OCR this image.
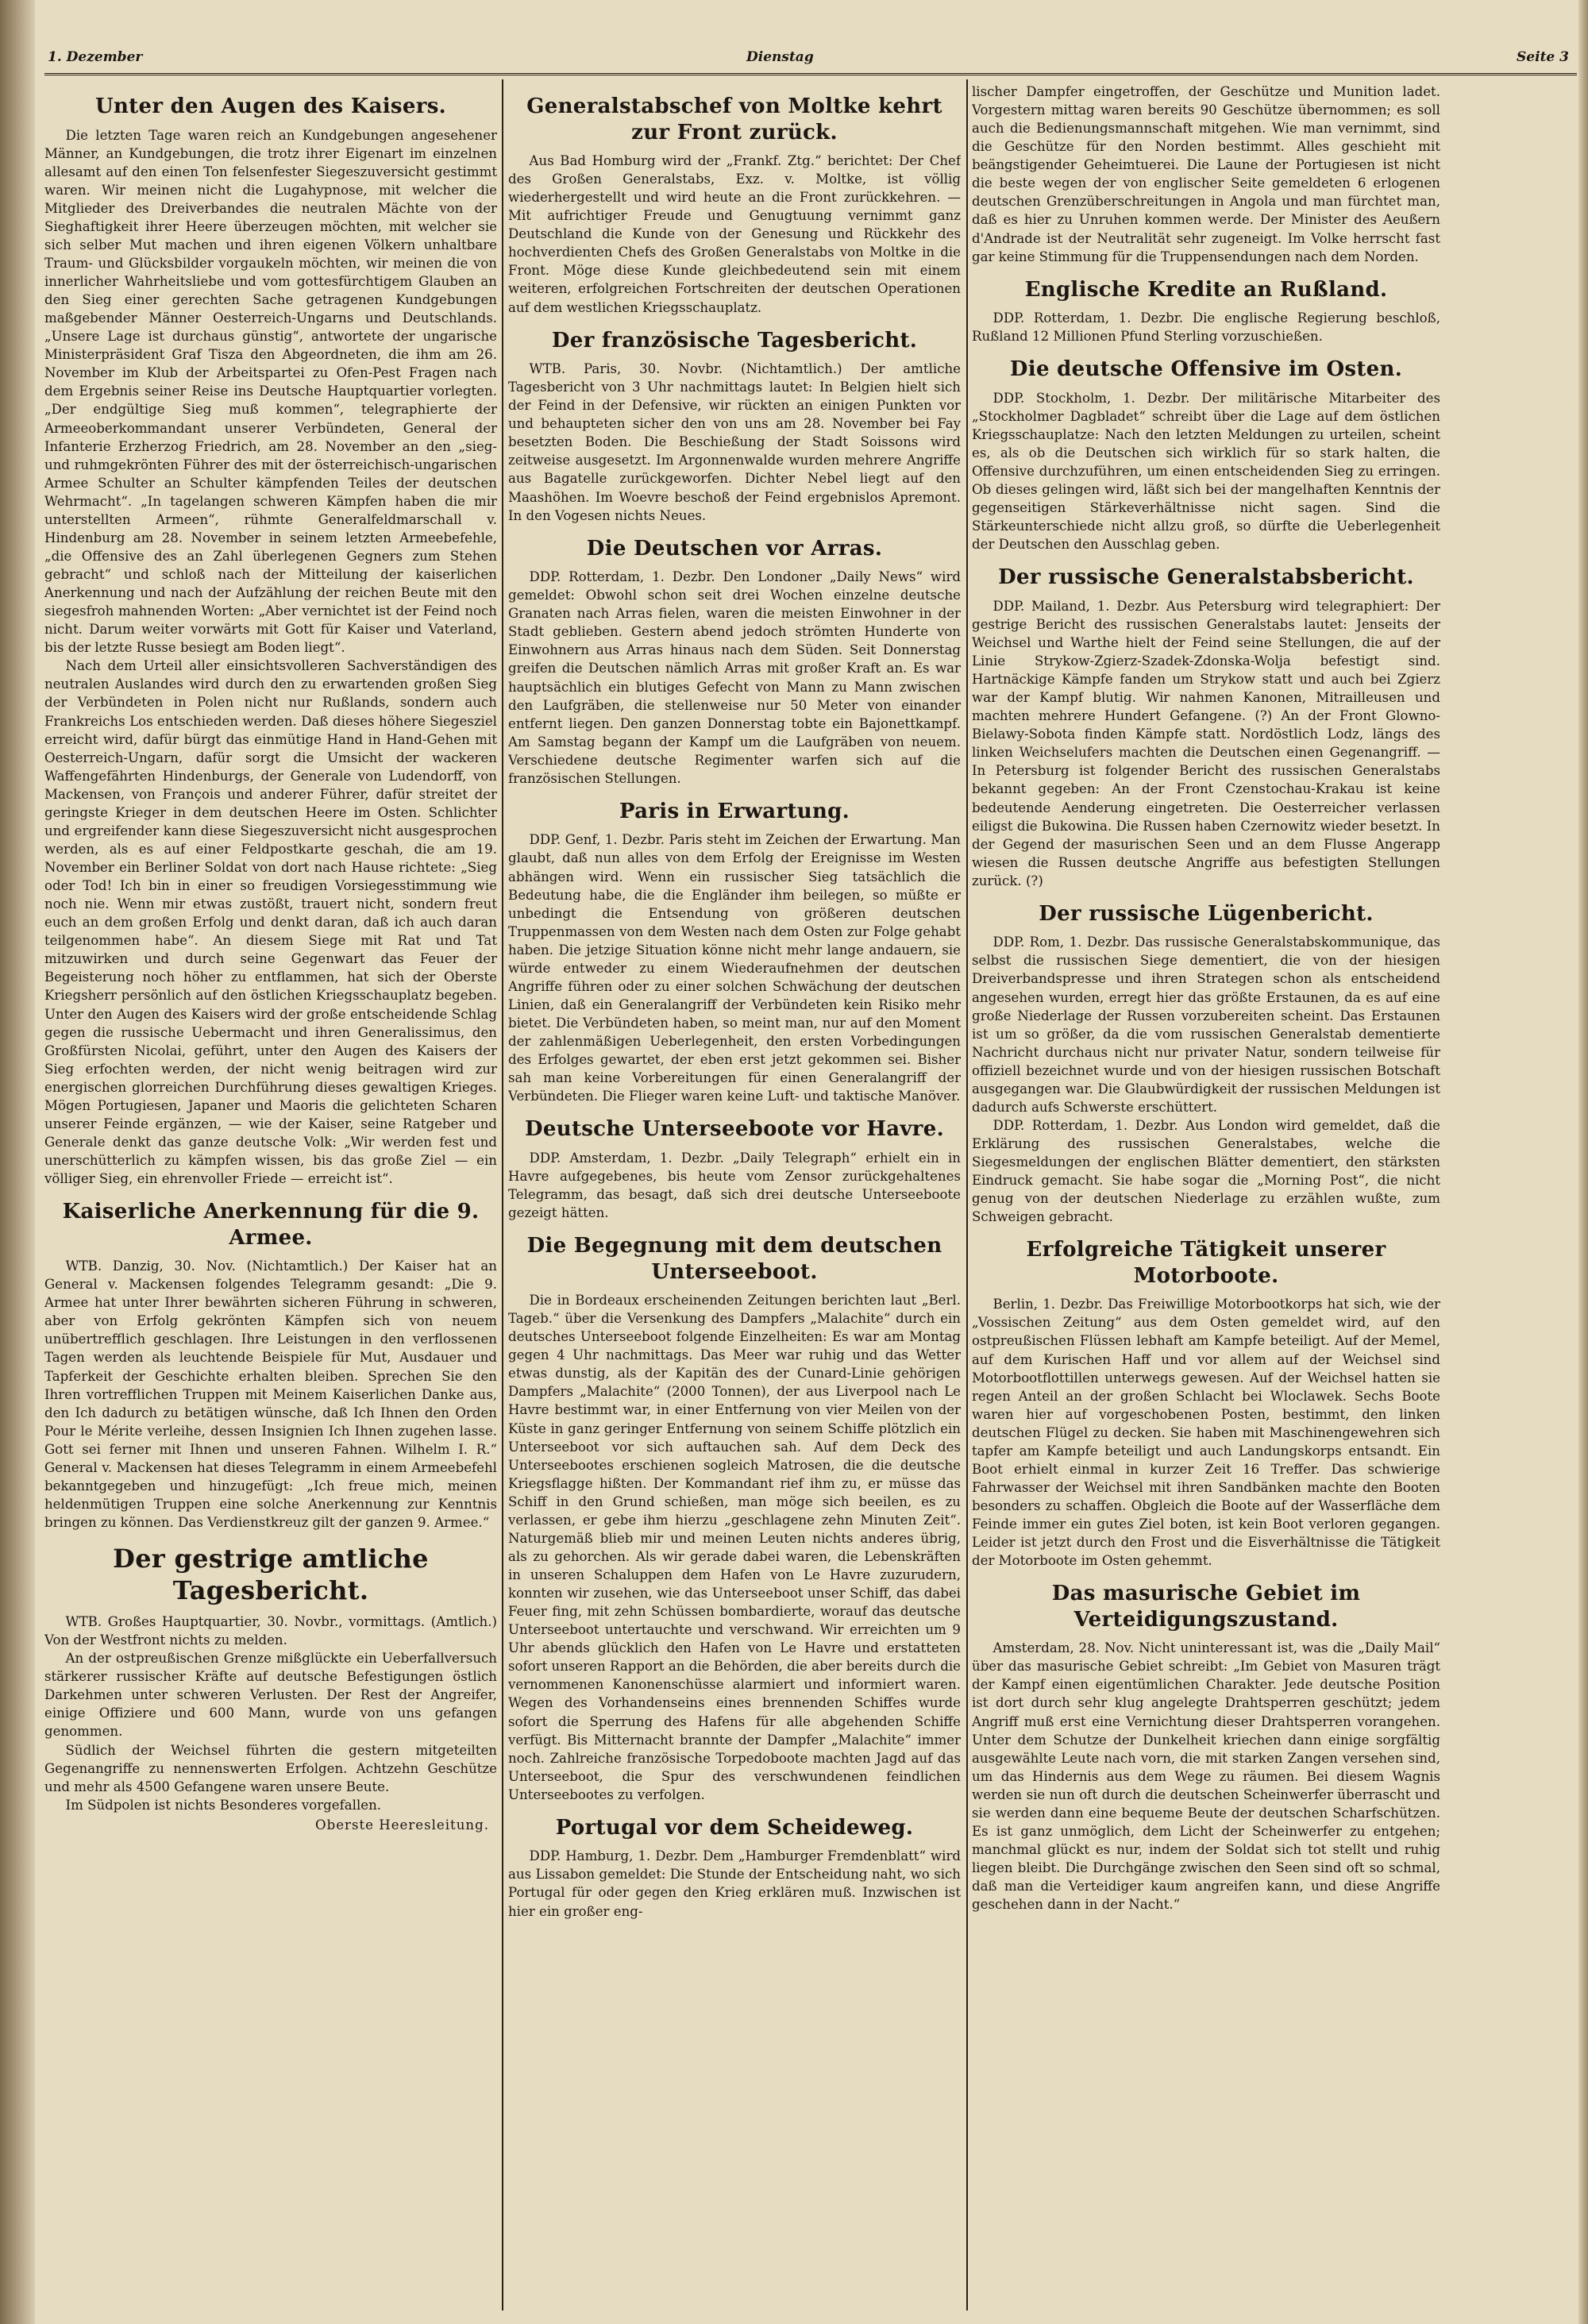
1. Dezember	Dienstag	Seite 3
Unter den Augen des Kaisers.

Die letzten Tage waren reich an Kundgebungen angesehener Männer, an Kundgebungen, die trotz ihrer Eigenart im einzelnen allesamt auf den einen Ton felsenfester Siegeszuversicht gestimmt waren. Wir meinen nicht die Lugahypnose, mit welcher die Mitglieder des Dreiverbandes die neutralen Mächte von der Sieghaftigkeit ihrer Heere überzeugen möchten, mit welcher sie sich selber Mut machen und ihren eigenen Völkern unhaltbare Traum- und Glücksbilder vorgaukeln möchten, wir meinen die von innerlicher Wahrheitsliebe und vom gottesfürchtigem Glauben an den Sieg einer gerechten Sache getragenen Kundgebungen maßgebender Männer Oesterreich-Ungarns und Deutschlands. „Unsere Lage ist durchaus günstig“, antwortete der ungarische Ministerpräsident Graf Tisza den Abgeordneten, die ihm am 26. November im Klub der Arbeitspartei zu Ofen-Pest Fragen nach dem Ergebnis seiner Reise ins Deutsche Hauptquartier vorlegten. „Der endgültige Sieg muß kommen“, telegraphierte der Armeeoberkommandant unserer Verbündeten, General der Infanterie Erzherzog Friedrich, am 28. November an den „sieg- und ruhmgekrönten Führer des mit der österreichisch-ungarischen Armee Schulter an Schulter kämpfenden Teiles der deutschen Wehrmacht“. „In tagelangen schweren Kämpfen haben die mir unterstellten Armeen“, rühmte Generalfeldmarschall v. Hindenburg am 28. November in seinem letzten Armeebefehle, „die Offensive des an Zahl überlegenen Gegners zum Stehen gebracht“ und schloß nach der Mitteilung der kaiserlichen Anerkennung und nach der Aufzählung der reichen Beute mit den siegesfroh mahnenden Worten: „Aber vernichtet ist der Feind noch nicht. Darum weiter vorwärts mit Gott für Kaiser und Vaterland, bis der letzte Russe besiegt am Boden liegt“.

Nach dem Urteil aller einsichtsvolleren Sachverständigen des neutralen Auslandes wird durch den zu erwartenden großen Sieg der Verbündeten in Polen nicht nur Rußlands, sondern auch Frankreichs Los entschieden werden. Daß dieses höhere Siegesziel erreicht wird, dafür bürgt das einmütige Hand in Hand-Gehen mit Oesterreich-Ungarn, dafür sorgt die Umsicht der wackeren Waffengefährten Hindenburgs, der Generale von Ludendorff, von Mackensen, von François und anderer Führer, dafür streitet der geringste Krieger in dem deutschen Heere im Osten. Schlichter und ergreifender kann diese Siegeszuversicht nicht ausgesprochen werden, als es auf einer Feldpostkarte geschah, die am 19. November ein Berliner Soldat von dort nach Hause richtete: „Sieg oder Tod! Ich bin in einer so freudigen Vorsiegesstimmung wie noch nie. Wenn mir etwas zustößt, trauert nicht, sondern freut euch an dem großen Erfolg und denkt daran, daß ich auch daran teilgenommen habe“. An diesem Siege mit Rat und Tat mitzuwirken und durch seine Gegenwart das Feuer der Begeisterung noch höher zu entflammen, hat sich der Oberste Kriegsherr persönlich auf den östlichen Kriegsschauplatz begeben. Unter den Augen des Kaisers wird der große entscheidende Schlag gegen die russische Uebermacht und ihren Generalissimus, den Großfürsten Nicolai, geführt, unter den Augen des Kaisers der Sieg erfochten werden, der nicht wenig beitragen wird zur energischen glorreichen Durchführung dieses gewaltigen Krieges. Mögen Portugiesen, Japaner und Maoris die gelichteten Scharen unserer Feinde ergänzen, — wie der Kaiser, seine Ratgeber und Generale denkt das ganze deutsche Volk: „Wir werden fest und unerschütterlich zu kämpfen wissen, bis das große Ziel — ein völliger Sieg, ein ehrenvoller Friede — erreicht ist“.

Kaiserliche Anerkennung für die 9. Armee.

WTB. Danzig, 30. Nov. (Nichtamtlich.) Der Kaiser hat an General v. Mackensen folgendes Telegramm gesandt: „Die 9. Armee hat unter Ihrer bewährten sicheren Führung in schweren, aber von Erfolg gekrönten Kämpfen sich von neuem unübertrefflich geschlagen. Ihre Leistungen in den verflossenen Tagen werden als leuchtende Beispiele für Mut, Ausdauer und Tapferkeit der Geschichte erhalten bleiben. Sprechen Sie den Ihren vortrefflichen Truppen mit Meinem Kaiserlichen Danke aus, den Ich dadurch zu betätigen wünsche, daß Ich Ihnen den Orden Pour le Mérite verleihe, dessen Insignien Ich Ihnen zugehen lasse. Gott sei ferner mit Ihnen und unseren Fahnen. Wilhelm I. R.“ General v. Mackensen hat dieses Telegramm in einem Armeebefehl bekanntgegeben und hinzugefügt: „Ich freue mich, meinen heldenmütigen Truppen eine solche Anerkennung zur Kenntnis bringen zu können. Das Verdienstkreuz gilt der ganzen 9. Armee.“

Der gestrige amtliche Tagesbericht.

WTB. Großes Hauptquartier, 30. Novbr., vormittags. (Amtlich.) Von der Westfront nichts zu melden.

An der ostpreußischen Grenze mißglückte ein Ueberfallversuch stärkerer russischer Kräfte auf deutsche Befestigungen östlich Darkehmen unter schweren Verlusten. Der Rest der Angreifer, einige Offiziere und 600 Mann, wurde von uns gefangen genommen.

Südlich der Weichsel führten die gestern mitgeteilten Gegenangriffe zu nennenswerten Erfolgen. Achtzehn Geschütze und mehr als 4500 Gefangene waren unsere Beute.

Im Südpolen ist nichts Besonderes vorgefallen.

Oberste Heeresleitung.
Generalstabschef von Moltke kehrt zur Front zurück.

Aus Bad Homburg wird der „Frankf. Ztg.“ berichtet: Der Chef des Großen Generalstabs, Exz. v. Moltke, ist völlig wiederhergestellt und wird heute an die Front zurückkehren. — Mit aufrichtiger Freude und Genugtuung vernimmt ganz Deutschland die Kunde von der Genesung und Rückkehr des hochverdienten Chefs des Großen Generalstabs von Moltke in die Front. Möge diese Kunde gleichbedeutend sein mit einem weiteren, erfolgreichen Fortschreiten der deutschen Operationen auf dem westlichen Kriegsschauplatz.

Der französische Tagesbericht.

WTB. Paris, 30. Novbr. (Nichtamtlich.) Der amtliche Tagesbericht von 3 Uhr nachmittags lautet: In Belgien hielt sich der Feind in der Defensive, wir rückten an einigen Punkten vor und behaupteten sicher den von uns am 28. November bei Fay besetzten Boden. Die Beschießung der Stadt Soissons wird zeitweise ausgesetzt. Im Argonnenwalde wurden mehrere Angriffe aus Bagatelle zurückgeworfen. Dichter Nebel liegt auf den Maashöhen. Im Woevre beschoß der Feind ergebnislos Apremont. In den Vogesen nichts Neues.

Die Deutschen vor Arras.

DDP. Rotterdam, 1. Dezbr. Den Londoner „Daily News“ wird gemeldet: Obwohl schon seit drei Wochen einzelne deutsche Granaten nach Arras fielen, waren die meisten Einwohner in der Stadt geblieben. Gestern abend jedoch strömten Hunderte von Einwohnern aus Arras hinaus nach dem Süden. Seit Donnerstag greifen die Deutschen nämlich Arras mit großer Kraft an. Es war hauptsächlich ein blutiges Gefecht von Mann zu Mann zwischen den Laufgräben, die stellenweise nur 50 Meter von einander entfernt liegen. Den ganzen Donnerstag tobte ein Bajonettkampf. Am Samstag begann der Kampf um die Laufgräben von neuem. Verschiedene deutsche Regimenter warfen sich auf die französischen Stellungen.

Paris in Erwartung.

DDP. Genf, 1. Dezbr. Paris steht im Zeichen der Erwartung. Man glaubt, daß nun alles von dem Erfolg der Ereignisse im Westen abhängen wird. Wenn ein russischer Sieg tatsächlich die Bedeutung habe, die die Engländer ihm beilegen, so müßte er unbedingt die Entsendung von größeren deutschen Truppenmassen von dem Westen nach dem Osten zur Folge gehabt haben. Die jetzige Situation könne nicht mehr lange andauern, sie würde entweder zu einem Wiederaufnehmen der deutschen Angriffe führen oder zu einer solchen Schwächung der deutschen Linien, daß ein Generalangriff der Verbündeten kein Risiko mehr bietet. Die Verbündeten haben, so meint man, nur auf den Moment der zahlenmäßigen Ueberlegenheit, den ersten Vorbedingungen des Erfolges gewartet, der eben erst jetzt gekommen sei. Bisher sah man keine Vorbereitungen für einen Generalangriff der Verbündeten. Die Flieger waren keine Luft- und taktische Manöver.

Deutsche Unterseeboote vor Havre.

DDP. Amsterdam, 1. Dezbr. „Daily Telegraph“ erhielt ein in Havre aufgegebenes, bis heute vom Zensor zurückgehaltenes Telegramm, das besagt, daß sich drei deutsche Unterseeboote gezeigt hätten.

Die Begegnung mit dem deutschen Unterseeboot.

Die in Bordeaux erscheinenden Zeitungen berichten laut „Berl. Tageb.“ über die Versenkung des Dampfers „Malachite“ durch ein deutsches Unterseeboot folgende Einzelheiten: Es war am Montag gegen 4 Uhr nachmittags. Das Meer war ruhig und das Wetter etwas dunstig, als der Kapitän des der Cunard-Linie gehörigen Dampfers „Malachite“ (2000 Tonnen), der aus Liverpool nach Le Havre bestimmt war, in einer Entfernung von vier Meilen von der Küste in ganz geringer Entfernung von seinem Schiffe plötzlich ein Unterseeboot vor sich auftauchen sah. Auf dem Deck des Unterseebootes erschienen sogleich Matrosen, die die deutsche Kriegsflagge hißten. Der Kommandant rief ihm zu, er müsse das Schiff in den Grund schießen, man möge sich beeilen, es zu verlassen, er gebe ihm hierzu „geschlagene zehn Minuten Zeit“. Naturgemäß blieb mir und meinen Leuten nichts anderes übrig, als zu gehorchen. Als wir gerade dabei waren, die Lebenskräften in unseren Schaluppen dem Hafen von Le Havre zuzurudern, konnten wir zusehen, wie das Unterseeboot unser Schiff, das dabei Feuer fing, mit zehn Schüssen bombardierte, worauf das deutsche Unterseeboot untertauchte und verschwand. Wir erreichten um 9 Uhr abends glücklich den Hafen von Le Havre und erstatteten sofort unseren Rapport an die Behörden, die aber bereits durch die vernommenen Kanonenschüsse alarmiert und informiert waren. Wegen des Vorhandenseins eines brennenden Schiffes wurde sofort die Sperrung des Hafens für alle abgehenden Schiffe verfügt. Bis Mitternacht brannte der Dampfer „Malachite“ immer noch. Zahlreiche französische Torpedoboote machten Jagd auf das Unterseeboot, die Spur des verschwundenen feindlichen Unterseebootes zu verfolgen.

Portugal vor dem Scheideweg.

DDP. Hamburg, 1. Dezbr. Dem „Hamburger Fremdenblatt“ wird aus Lissabon gemeldet: Die Stunde der Entscheidung naht, wo sich Portugal für oder gegen den Krieg erklären muß. Inzwischen ist hier ein großer eng-

lischer Dampfer eingetroffen, der Geschütze und Munition ladet. Vorgestern mittag waren bereits 90 Geschütze übernommen; es soll auch die Bedienungsmannschaft mitgehen. Wie man vernimmt, sind die Geschütze für den Norden bestimmt. Alles geschieht mit beängstigender Geheimtuerei. Die Laune der Portugiesen ist nicht die beste wegen der von englischer Seite gemeldeten 6 erlogenen deutschen Grenzüberschreitungen in Angola und man fürchtet man, daß es hier zu Unruhen kommen werde. Der Minister des Aeußern d'Andrade ist der Neutralität sehr zugeneigt. Im Volke herrscht fast gar keine Stimmung für die Truppensendungen nach dem Norden.

Englische Kredite an Rußland.

DDP. Rotterdam, 1. Dezbr. Die englische Regierung beschloß, Rußland 12 Millionen Pfund Sterling vorzuschießen.

Die deutsche Offensive im Osten.

DDP. Stockholm, 1. Dezbr. Der militärische Mitarbeiter des „Stockholmer Dagbladet“ schreibt über die Lage auf dem östlichen Kriegsschauplatze: Nach den letzten Meldungen zu urteilen, scheint es, als ob die Deutschen sich wirklich für so stark halten, die Offensive durchzuführen, um einen entscheidenden Sieg zu erringen. Ob dieses gelingen wird, läßt sich bei der mangelhaften Kenntnis der gegenseitigen Stärkeverhältnisse nicht sagen. Sind die Stärkeunterschiede nicht allzu groß, so dürfte die Ueberlegenheit der Deutschen den Ausschlag geben.

Der russische Generalstabsbericht.

DDP. Mailand, 1. Dezbr. Aus Petersburg wird telegraphiert: Der gestrige Bericht des russischen Generalstabs lautet: Jenseits der Weichsel und Warthe hielt der Feind seine Stellungen, die auf der Linie Strykow-Zgierz-Szadek-Zdonska-Wolja befestigt sind. Hartnäckige Kämpfe fanden um Strykow statt und auch bei Zgierz war der Kampf blutig. Wir nahmen Kanonen, Mitrailleusen und machten mehrere Hundert Gefangene. (?) An der Front Glowno-Bielawy-Sobota finden Kämpfe statt. Nordöstlich Lodz, längs des linken Weichselufers machten die Deutschen einen Gegenangriff. — In Petersburg ist folgender Bericht des russischen Generalstabs bekannt gegeben: An der Front Czenstochau-Krakau ist keine bedeutende Aenderung eingetreten. Die Oesterreicher verlassen eiligst die Bukowina. Die Russen haben Czernowitz wieder besetzt. In der Gegend der masurischen Seen und an dem Flusse Angerapp wiesen die Russen deutsche Angriffe aus befestigten Stellungen zurück. (?)

Der russische Lügenbericht.

DDP. Rom, 1. Dezbr. Das russische Generalstabskommunique, das selbst die russischen Siege dementiert, die von der hiesigen Dreiverbandspresse und ihren Strategen schon als entscheidend angesehen wurden, erregt hier das größte Erstaunen, da es auf eine große Niederlage der Russen vorzubereiten scheint. Das Erstaunen ist um so größer, da die vom russischen Generalstab dementierte Nachricht durchaus nicht nur privater Natur, sondern teilweise für offiziell bezeichnet wurde und von der hiesigen russischen Botschaft ausgegangen war. Die Glaubwürdigkeit der russischen Meldungen ist dadurch aufs Schwerste erschüttert.

DDP. Rotterdam, 1. Dezbr. Aus London wird gemeldet, daß die Erklärung des russischen Generalstabes, welche die Siegesmeldungen der englischen Blätter dementiert, den stärksten Eindruck gemacht. Sie habe sogar die „Morning Post“, die nicht genug von der deutschen Niederlage zu erzählen wußte, zum Schweigen gebracht.

Erfolgreiche Tätigkeit unserer Motorboote.

Berlin, 1. Dezbr. Das Freiwillige Motorbootkorps hat sich, wie der „Vossischen Zeitung“ aus dem Osten gemeldet wird, auf den ostpreußischen Flüssen lebhaft am Kampfe beteiligt. Auf der Memel, auf dem Kurischen Haff und vor allem auf der Weichsel sind Motorbootflottillen unterwegs gewesen. Auf der Weichsel hatten sie regen Anteil an der großen Schlacht bei Wloclawek. Sechs Boote waren hier auf vorgeschobenen Posten, bestimmt, den linken deutschen Flügel zu decken. Sie haben mit Maschinengewehren sich tapfer am Kampfe beteiligt und auch Landungskorps entsandt. Ein Boot erhielt einmal in kurzer Zeit 16 Treffer. Das schwierige Fahrwasser der Weichsel mit ihren Sandbänken machte den Booten besonders zu schaffen. Obgleich die Boote auf der Wasserfläche dem Feinde immer ein gutes Ziel boten, ist kein Boot verloren gegangen. Leider ist jetzt durch den Frost und die Eisverhältnisse die Tätigkeit der Motorboote im Osten gehemmt.

Das masurische Gebiet im Verteidigungszustand.

Amsterdam, 28. Nov. Nicht uninteressant ist, was die „Daily Mail“ über das masurische Gebiet schreibt: „Im Gebiet von Masuren trägt der Kampf einen eigentümlichen Charakter. Jede deutsche Position ist dort durch sehr klug angelegte Drahtsperren geschützt; jedem Angriff muß erst eine Vernichtung dieser Drahtsperren vorangehen. Unter dem Schutze der Dunkelheit kriechen dann einige sorgfältig ausgewählte Leute nach vorn, die mit starken Zangen versehen sind, um das Hindernis aus dem Wege zu räumen. Bei diesem Wagnis werden sie nun oft durch die deutschen Scheinwerfer überrascht und sie werden dann eine bequeme Beute der deutschen Scharfschützen. Es ist ganz unmöglich, dem Licht der Scheinwerfer zu entgehen; manchmal glückt es nur, indem der Soldat sich tot stellt und ruhig liegen bleibt. Die Durchgänge zwischen den Seen sind oft so schmal, daß man die Verteidiger kaum angreifen kann, und diese Angriffe geschehen dann in der Nacht.“
